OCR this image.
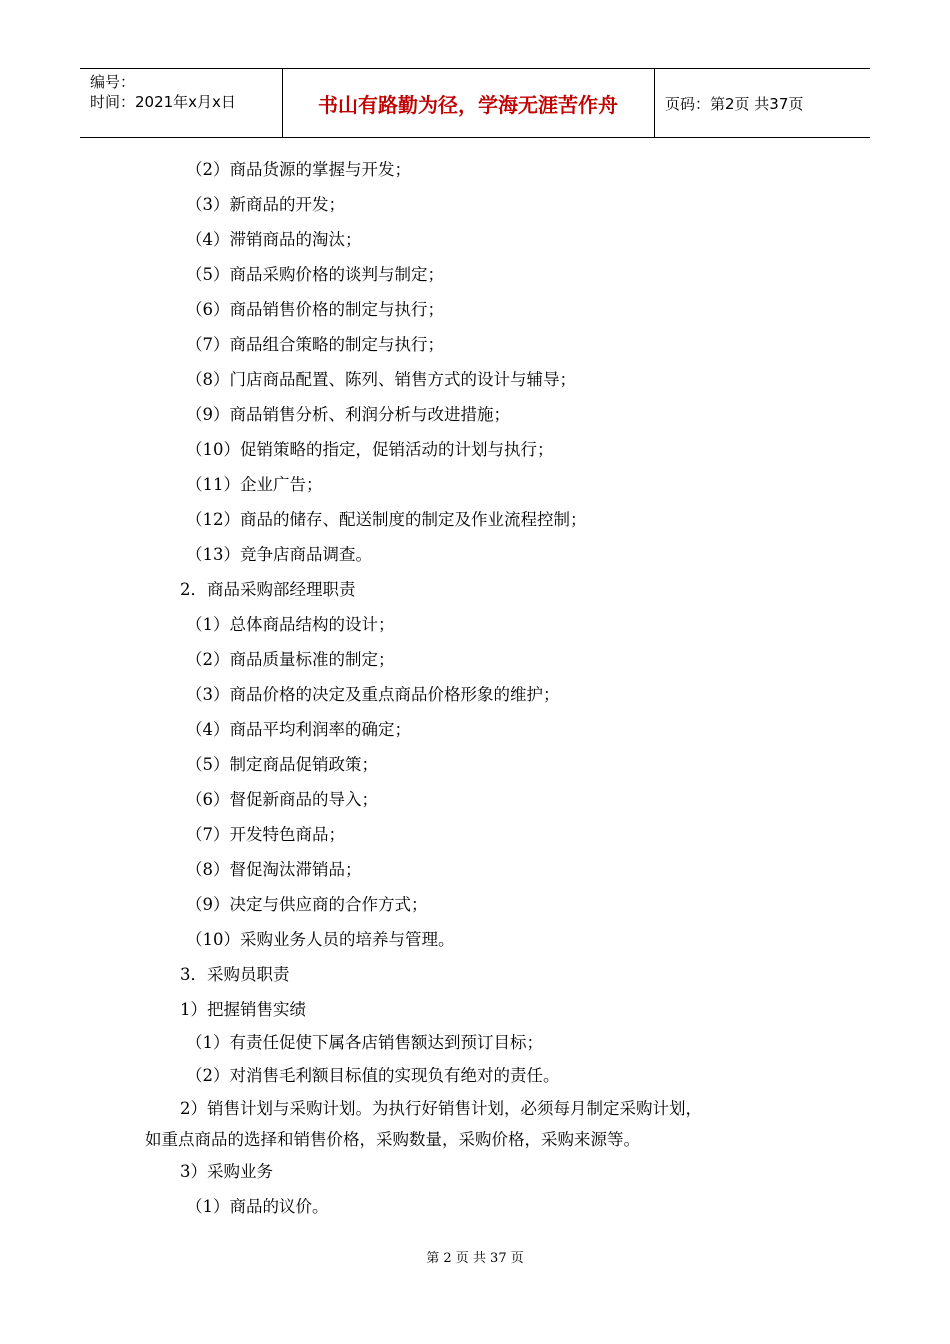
编号：
时间：2021年x月x日	书山有路勤为径，学海无涯苦作舟	页码：第2页 共37页
（2）商品货源的掌握与开发；
（3）新商品的开发；
（4）滞销商品的淘汰；
（5）商品采购价格的谈判与制定；
（6）商品销售价格的制定与执行；
（7）商品组合策略的制定与执行；
（8）门店商品配置、陈列、销售方式的设计与辅导；
（9）商品销售分析、利润分析与改进措施；
（10）促销策略的指定，促销活动的计划与执行；
（11）企业广告；
（12）商品的储存、配送制度的制定及作业流程控制；
（13）竞争店商品调查。
2．商品采购部经理职责
（1）总体商品结构的设计；
（2）商品质量标准的制定；
（3）商品价格的决定及重点商品价格形象的维护；
（4）商品平均利润率的确定；
（5）制定商品促销政策；
（6）督促新商品的导入；
（7）开发特色商品；
（8）督促淘汰滞销品；
（9）决定与供应商的合作方式；
（10）采购业务人员的培养与管理。
3．采购员职责
1）把握销售实绩
（1）有责任促使下属各店销售额达到预订目标；
（2）对消售毛利额目标值的实现负有绝对的责任。
2）销售计划与采购计划。为执行好销售计划，必须每月制定采购计划，
如重点商品的选择和销售价格，采购数量，采购价格，采购来源等。
3）采购业务
（1）商品的议价。
第 2 页 共 37 页
